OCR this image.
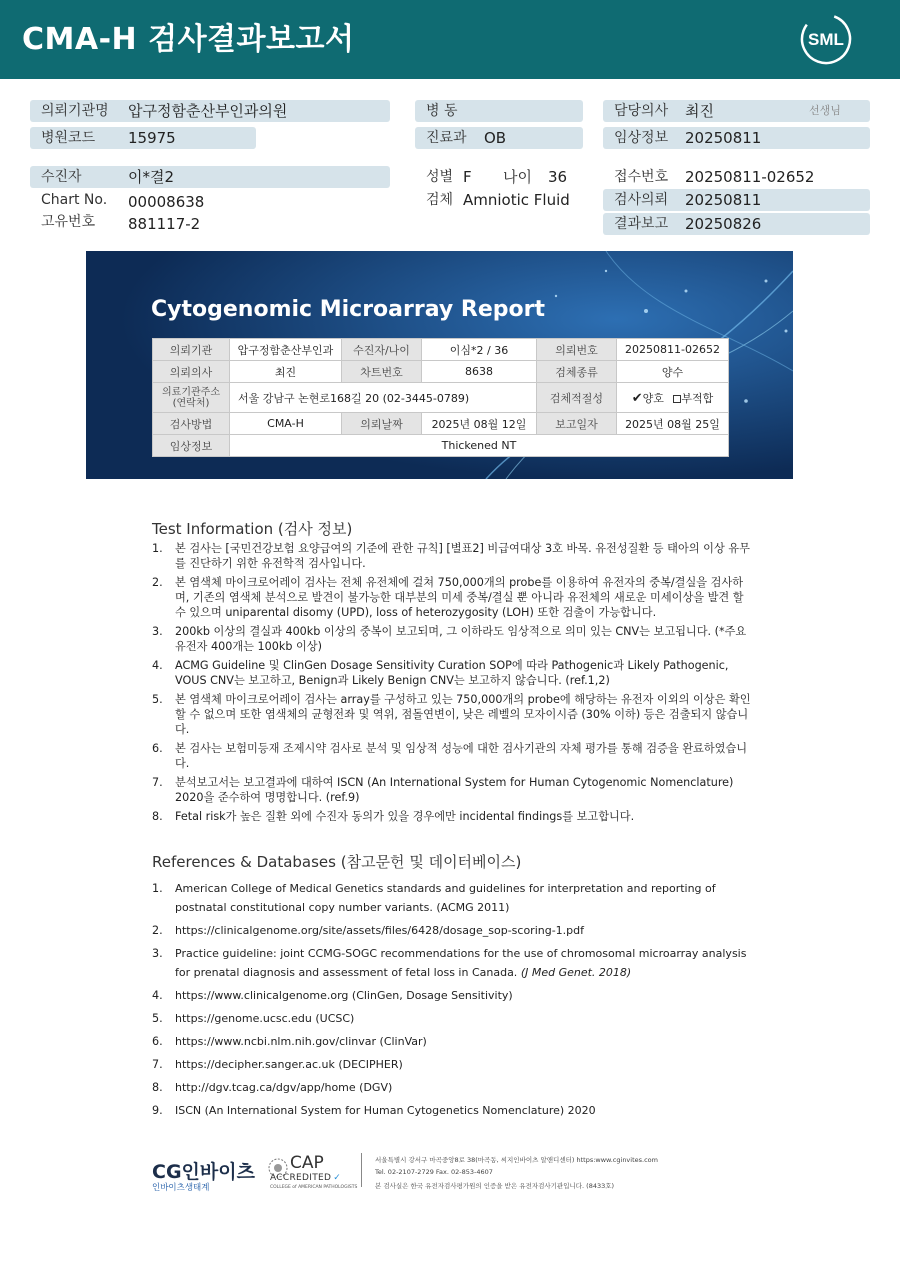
CMA-H 검사결과보고서	SML
의뢰기관명	압구정함춘산부인과의원	병 동	담당의사	최진	선생님
병원코드	15975	진료과	OB	임상정보	20250811
수진자	이*결2	성별 F 나이 36	접수번호 20250811-02652
Chart No. 00008638	검체 Amniotic Fluid	검사의뢰	20250811
고유번호 881117-2	결과보고	20250826
Cytogenomic Microarray Report
의뢰기관	압구정함춘산부인과	수진자/나이	이심*2 / 36	의뢰번호	20250811-02652
의뢰의사	최진	차트번호	8638	검체종류	양수
의료기관주소
(연락처)	서울 강남구 논현로168길 20 (02-3445-0789)			검체적절성	✔양호 부적합
검사방법	CMA-H	의뢰날짜	2025년 08월 12일	보고일자	2025년 08월 25일
임상정보	Thickened NT				
Test Information (검사 정보)
1.	본 검사는 [국민건강보험 요양급여의 기준에 관한 규칙] [별표2] 비급여대상 3호 바목. 유전성질환 등 태아의 이상 유무를 진단하기 위한 유전학적 검사입니다.
2.	본 염색체 마이크로어레이 검사는 전체 유전체에 걸쳐 750,000개의 probe를 이용하여 유전자의 중복/결실을 검사하며, 기존의 염색체 분석으로 발견이 불가능한 대부분의 미세 중복/결실 뿐 아니라 유전체의 새로운 미세이상을 발견 할 수 있으며 uniparental disomy (UPD), loss of heterozygosity (LOH) 또한 검출이 가능합니다.
3.	200kb 이상의 결실과 400kb 이상의 중복이 보고되며, 그 이하라도 임상적으로 의미 있는 CNV는 보고됩니다. (*주요 유전자 400개는 100kb 이상)
4.	ACMG Guideline 및 ClinGen Dosage Sensitivity Curation SOP에 따라 Pathogenic과 Likely Pathogenic, VOUS CNV는 보고하고, Benign과 Likely Benign CNV는 보고하지 않습니다. (ref.1,2)
5.	본 염색체 마이크로어레이 검사는 array를 구성하고 있는 750,000개의 probe에 해당하는 유전자 이외의 이상은 확인 할 수 없으며 또한 염색체의 균형전좌 및 역위, 점돌연변이, 낮은 레벨의 모자이시즘 (30% 이하) 등은 검출되지 않습니다.
6.	본 검사는 보험미등재 조제시약 검사로 분석 및 임상적 성능에 대한 검사기관의 자체 평가를 통해 검증을 완료하였습니다.
7.	분석보고서는 보고결과에 대하여 ISCN (An International System for Human Cytogenomic Nomenclature) 2020을 준수하여 명명합니다. (ref.9)
8.	Fetal risk가 높은 질환 외에 수진자 동의가 있을 경우에만 incidental findings를 보고합니다.
References & Databases (참고문헌 및 데이터베이스)
1.	American College of Medical Genetics standards and guidelines for interpretation and reporting of postnatal constitutional copy number variants. (ACMG 2011)
2.	https://clinicalgenome.org/site/assets/files/6428/dosage_sop-scoring-1.pdf
3.	Practice guideline: joint CCMG-SOGC recommendations for the use of chromosomal microarray analysis for prenatal diagnosis and assessment of fetal loss in Canada. (J Med Genet. 2018)
4.	https://www.clinicalgenome.org (ClinGen, Dosage Sensitivity)
5.	https://genome.ucsc.edu (UCSC)
6.	https://www.ncbi.nlm.nih.gov/clinvar (ClinVar)
7.	https://decipher.sanger.ac.uk (DECIPHER)
8.	http://dgv.tcag.ca/dgv/app/home (DGV)
9.	ISCN (An International System for Human Cytogenetics Nomenclature) 2020
CG인바이츠
인바이츠생태계
CAP
ACCREDITED ✓
COLLEGE of AMERICAN PATHOLOGISTS
서울특별시 강서구 마곡중앙8로 38(마곡동, 씨지인바이츠 알앤디센터) https:www.cginvites.com
Tel. 02-2107-2729 Fax. 02-853-4607
본 검사실은 한국 유전자검사평가원의 인증을 받은 유전자검사기관입니다. (8433호)
